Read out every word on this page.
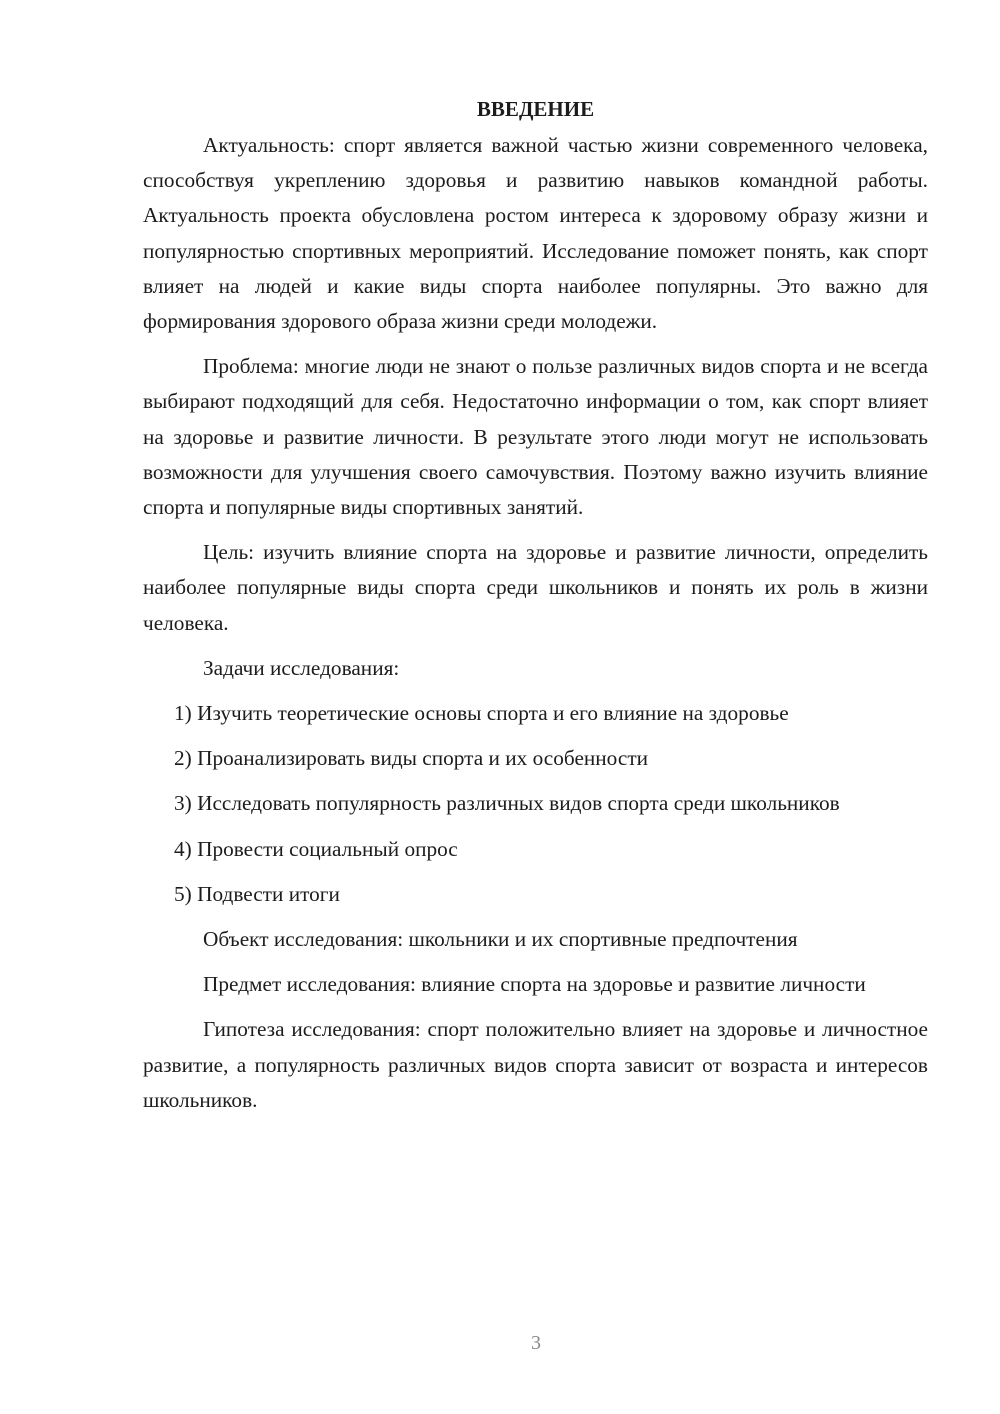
ВВЕДЕНИЕ

Актуальность: спорт является важной частью жизни современного человека, способствуя укреплению здоровья и развитию навыков командной работы. Актуальность проекта обусловлена ростом интереса к здоровому образу жизни и популярностью спортивных мероприятий. Исследование поможет понять, как спорт влияет на людей и какие виды спорта наиболее популярны. Это важно для формирования здорового образа жизни среди молодежи.

Проблема: многие люди не знают о пользе различных видов спорта и не всегда выбирают подходящий для себя. Недостаточно информации о том, как спорт влияет на здоровье и развитие личности. В результате этого люди могут не использовать возможности для улучшения своего самочувствия. Поэтому важно изучить влияние спорта и популярные виды спортивных занятий.

Цель: изучить влияние спорта на здоровье и развитие личности, определить наиболее популярные виды спорта среди школьников и понять их роль в жизни человека.

Задачи исследования:

1) Изучить теоретические основы спорта и его влияние на здоровье

2) Проанализировать виды спорта и их особенности

3) Исследовать популярность различных видов спорта среди школьников

4) Провести социальный опрос

5) Подвести итоги

Объект исследования: школьники и их спортивные предпочтения

Предмет исследования: влияние спорта на здоровье и развитие личности

Гипотеза исследования: спорт положительно влияет на здоровье и личностное развитие, а популярность различных видов спорта зависит от возраста и интересов школьников.

3
